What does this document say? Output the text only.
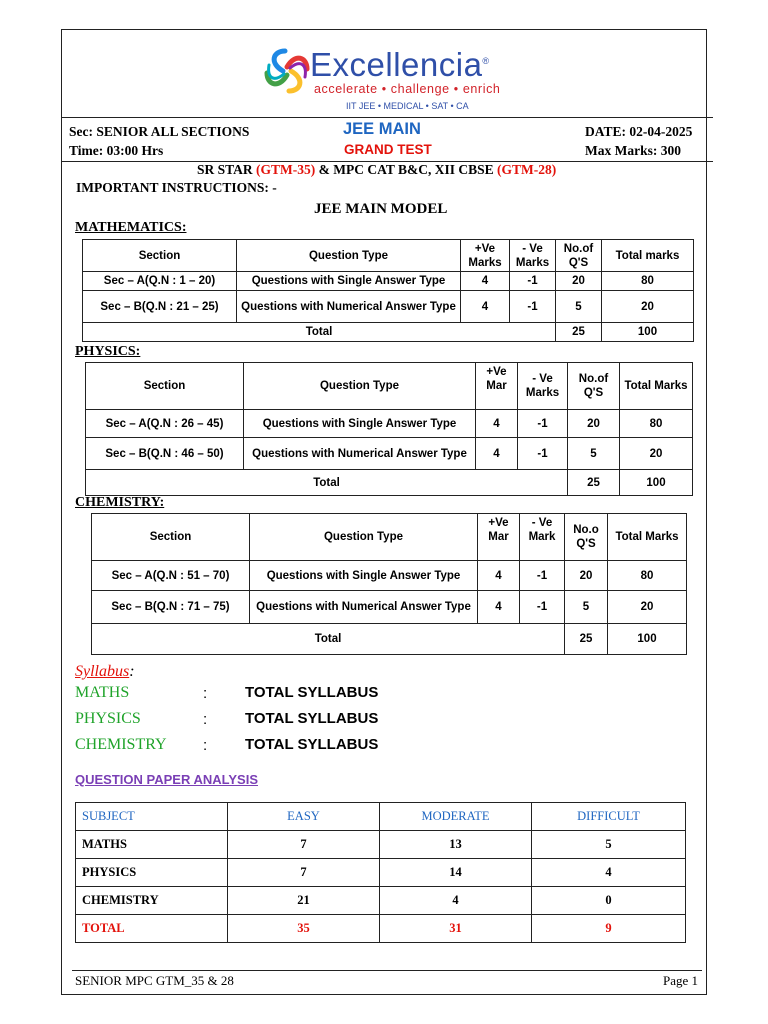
Excellencia®
accelerate • challenge • enrich
IIT JEE • MEDICAL • SAT • CA
Sec: SENIOR ALL SECTIONS
Time: 03:00 Hrs
JEE MAIN
GRAND TEST
DATE: 02-04-2025
Max Marks: 300
SR STAR (GTM-35) & MPC CAT B&C, XII CBSE (GTM-28)
IMPORTANT INSTRUCTIONS: -
JEE MAIN MODEL
MATHEMATICS:
Section	Question Type	+Ve Marks	- Ve Marks	No.of Q'S	Total marks
Sec – A(Q.N : 1 – 20)	Questions with Single Answer Type	4	-1	20	80
Sec – B(Q.N : 21 – 25)	Questions with Numerical Answer Type	4	-1	5	20
Total				25	100
PHYSICS:
Section	Question Type	+Ve Mar	- Ve Marks	No.of Q'S	Total Marks
Sec – A(Q.N : 26 – 45)	Questions with Single Answer Type	4	-1	20	80
Sec – B(Q.N : 46 – 50)	Questions with Numerical Answer Type	4	-1	5	20
Total				25	100
CHEMISTRY:
Section	Question Type	+Ve Mar	- Ve Mark	No.o Q'S	Total Marks
Sec – A(Q.N : 51 – 70)	Questions with Single Answer Type	4	-1	20	80
Sec – B(Q.N : 71 – 75)	Questions with Numerical Answer Type	4	-1	5	20
Total				25	100
Syllabus:
MATHS	:	TOTAL SYLLABUS
PHYSICS	:	TOTAL SYLLABUS
CHEMISTRY :	TOTAL SYLLABUS
QUESTION PAPER ANALYSIS
SUBJECT	EASY	MODERATE	DIFFICULT
MATHS	7	13	5
PHYSICS	7	14	4
CHEMISTRY	21	4	0
TOTAL	35	31	9
SENIOR MPC GTM_35 & 28	Page 1
